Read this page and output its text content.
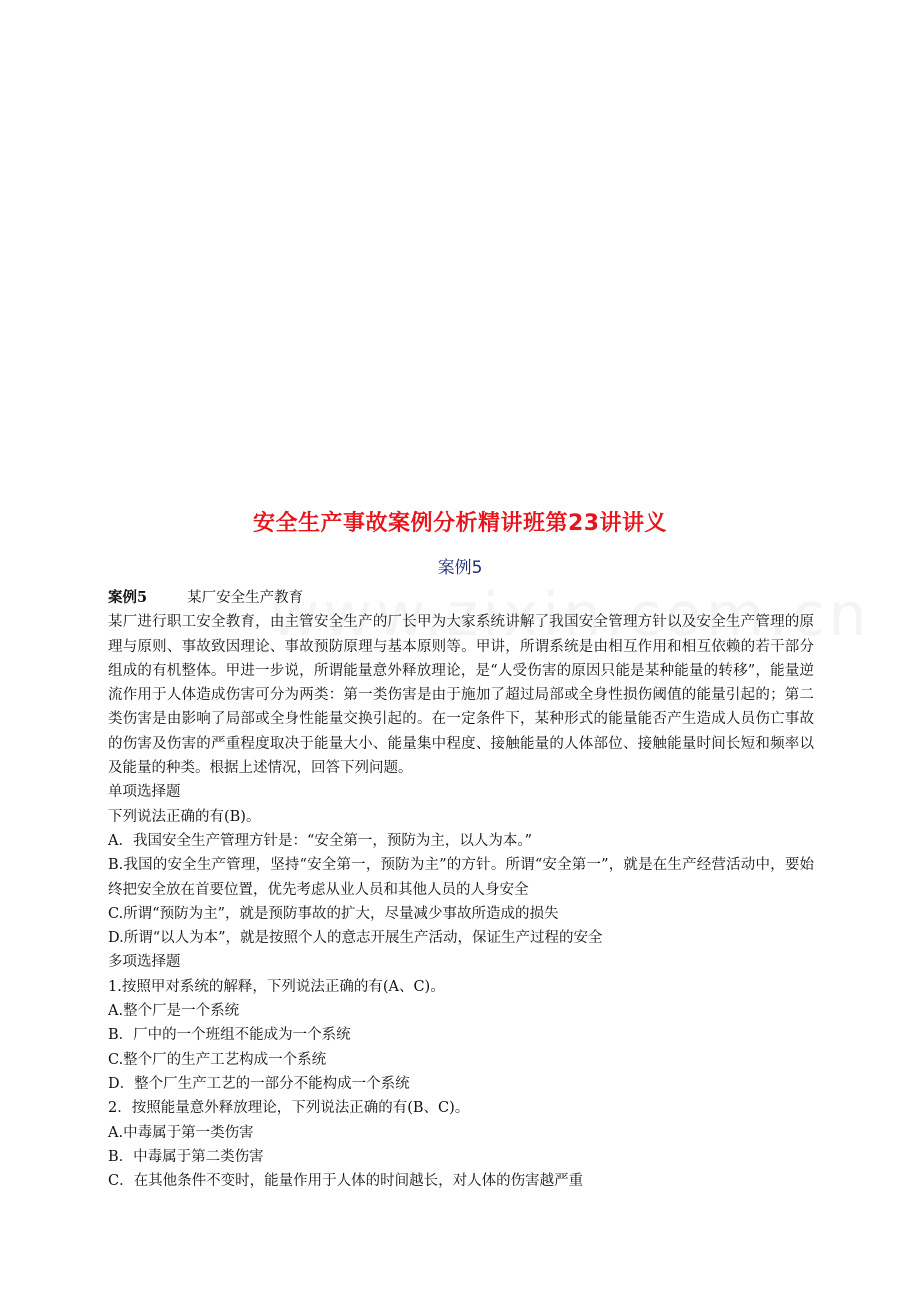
安全生产事故案例分析精讲班第23讲讲义
案例5
案例5	某厂安全生产教育
某厂进行职工安全教育，由主管安全生产的厂长甲为大家系统讲解了我国安全管理方针以及安全生产管理的原理与原则、事故致因理论、事故预防原理与基本原则等。甲讲，所谓系统是由相互作用和相互依赖的若干部分组成的有机整体。甲进一步说，所谓能量意外释放理论，是“人受伤害的原因只能是某种能量的转移”，能量逆流作用于人体造成伤害可分为两类：第一类伤害是由于施加了超过局部或全身性损伤阈值的能量引起的；第二类伤害是由影响了局部或全身性能量交换引起的。在一定条件下，某种形式的能量能否产生造成人员伤亡事故的伤害及伤害的严重程度取决于能量大小、能量集中程度、接触能量的人体部位、接触能量时间长短和频率以及能量的种类。根据上述情况，回答下列问题。
单项选择题
下列说法正确的有(B)。
A．我国安全生产管理方针是：“安全第一，预防为主，以人为本。”
B.我国的安全生产管理，坚持“安全第一，预防为主”的方针。所谓“安全第一”，就是在生产经营活动中，要始终把安全放在首要位置，优先考虑从业人员和其他人员的人身安全
C.所谓“预防为主”，就是预防事故的扩大，尽量减少事故所造成的损失
D.所谓“以人为本”，就是按照个人的意志开展生产活动，保证生产过程的安全
多项选择题
1.按照甲对系统的解释，下列说法正确的有(A、C)。
A.整个厂是一个系统
B．厂中的一个班组不能成为一个系统
C.整个厂的生产工艺构成一个系统
D．整个厂生产工艺的一部分不能构成一个系统
2．按照能量意外释放理论，下列说法正确的有(B、C)。
A.中毒属于第一类伤害
B．中毒属于第二类伤害
C．在其他条件不变时，能量作用于人体的时间越长，对人体的伤害越严重
